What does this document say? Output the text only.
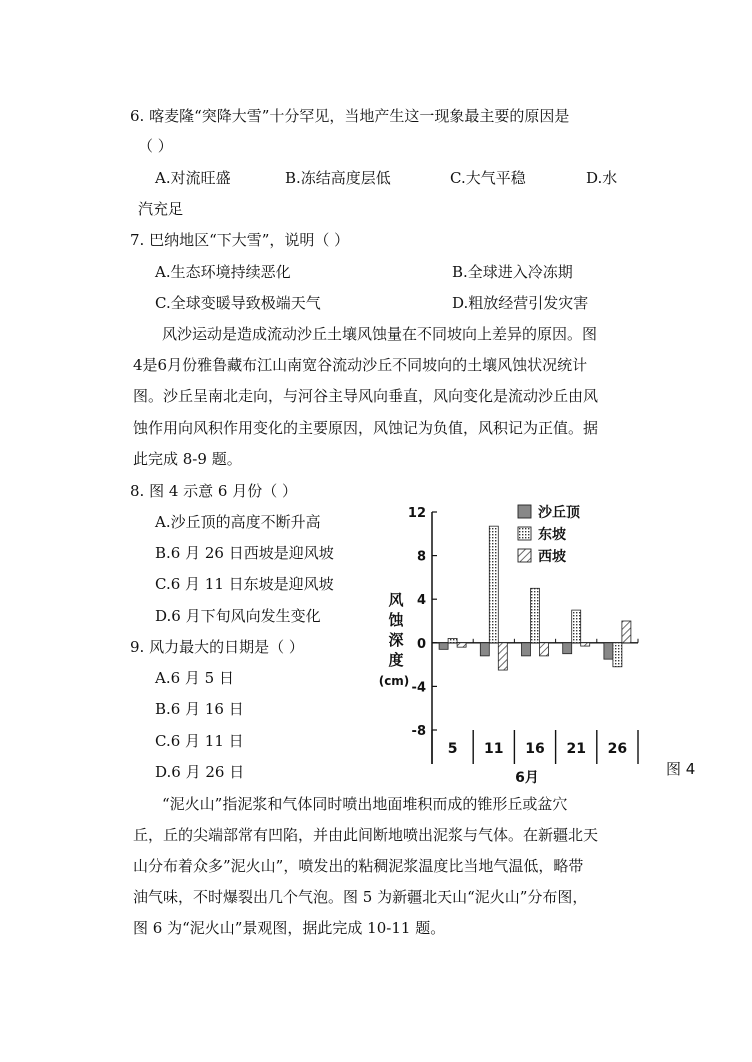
6. 喀麦隆“突降大雪”十分罕见，当地产生这一现象最主要的原因是
（ ）
A.对流旺盛	B.冻结高度层低	C.大气平稳	D.水
汽充足
7. 巴纳地区“下大雪”，说明（ ）
A.生态环境持续恶化	B.全球进入冷冻期
C.全球变暖导致极端天气	D.粗放经营引发灾害
风沙运动是造成流动沙丘土壤风蚀量在不同坡向上差异的原因。图
4是6月份雅鲁藏布江山南宽谷流动沙丘不同坡向的土壤风蚀状况统计
图。沙丘呈南北走向，与河谷主导风向垂直，风向变化是流动沙丘由风
蚀作用向风积作用变化的主要原因，风蚀记为负值，风积记为正值。据
此完成 8-9 题。
8. 图 4 示意 6 月份（ ）
A.沙丘顶的高度不断升高
B.6 月 26 日西坡是迎风坡
C.6 月 11 日东坡是迎风坡
D.6 月下旬风向发生变化
9. 风力最大的日期是（ ）
A.6 月 5 日
B.6 月 16 日
C.6 月 11 日
D.6 月 26 日
“泥火山”指泥浆和气体同时喷出地面堆积而成的锥形丘或盆穴
丘，丘的尖端部常有凹陷，并由此间断地喷出泥浆与气体。在新疆北天
山分布着众多”泥火山”，喷发出的粘稠泥浆温度比当地气温低，略带
油气味，不时爆裂出几个气泡。图 5 为新疆北天山“泥火山”分布图，
图 6 为“泥火山”景观图，据此完成 10-11 题。
12
8
4
0
-4
-8
沙丘顶
东坡
西坡
风
蚀
深
度
(cm)
5 11 16 21 26
6月	图 4
